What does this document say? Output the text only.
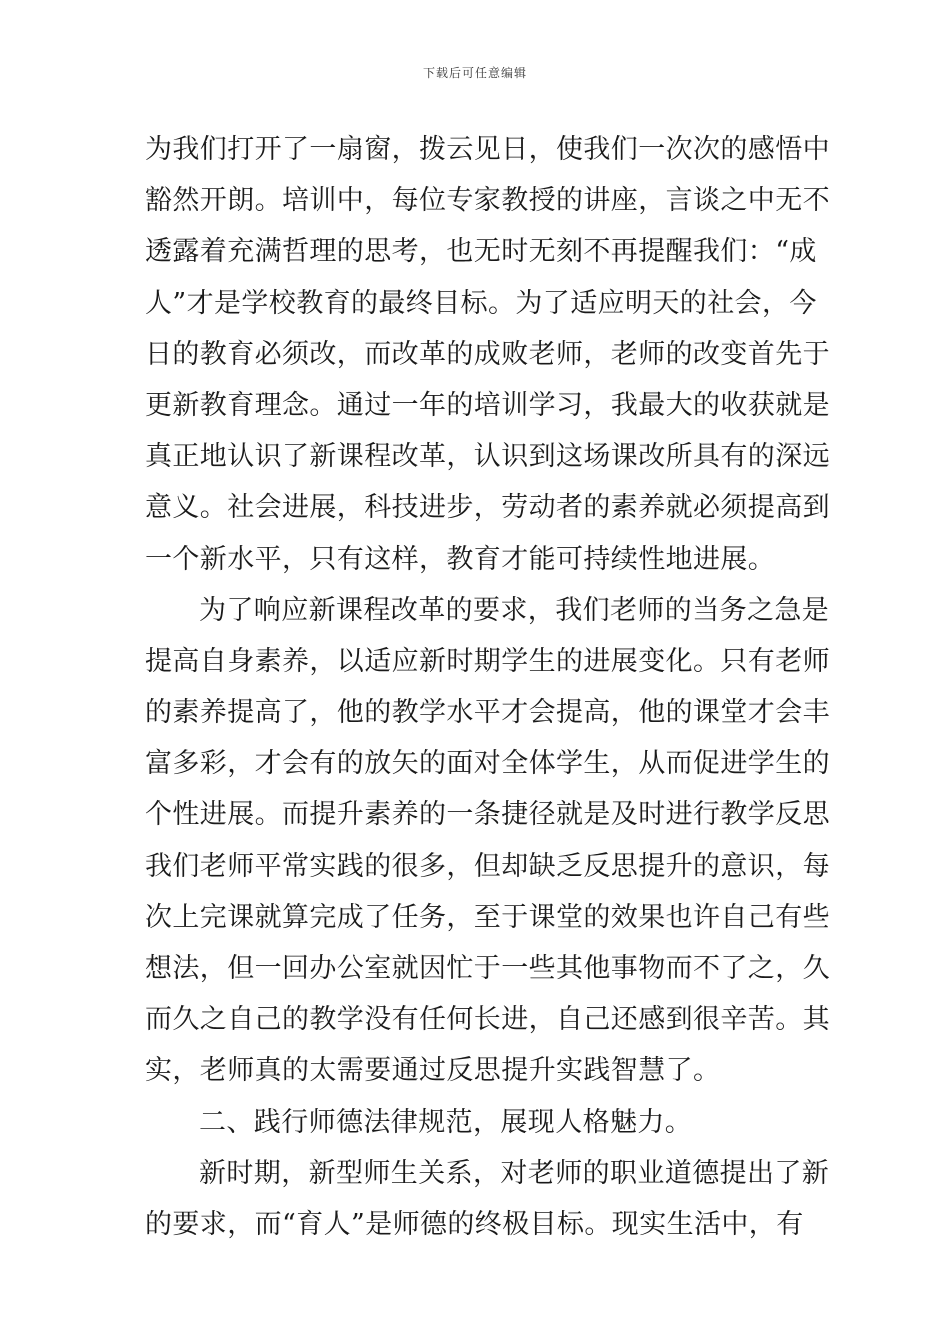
下载后可任意编辑
为我们打开了一扇窗，拨云见日，使我们一次次的感悟中
豁然开朗。培训中，每位专家教授的讲座，言谈之中无不
透露着充满哲理的思考，也无时无刻不再提醒我们：“成
人”才是学校教育的最终目标。为了适应明天的社会，今
日的教育必须改，而改革的成败老师，老师的改变首先于
更新教育理念。通过一年的培训学习，我最大的收获就是
真正地认识了新课程改革，认识到这场课改所具有的深远
意义。社会进展，科技进步，劳动者的素养就必须提高到
一个新水平，只有这样，教育才能可持续性地进展。
为了响应新课程改革的要求，我们老师的当务之急是
提高自身素养，以适应新时期学生的进展变化。只有老师
的素养提高了，他的教学水平才会提高，他的课堂才会丰
富多彩，才会有的放矢的面对全体学生，从而促进学生的
个性进展。而提升素养的一条捷径就是及时进行教学反思
我们老师平常实践的很多，但却缺乏反思提升的意识，每
次上完课就算完成了任务，至于课堂的效果也许自己有些
想法，但一回办公室就因忙于一些其他事物而不了之，久
而久之自己的教学没有任何长进，自己还感到很辛苦。其
实，老师真的太需要通过反思提升实践智慧了。
二、践行师德法律规范，展现人格魅力。
新时期，新型师生关系，对老师的职业道德提出了新
的要求，而“育人”是师德的终极目标。现实生活中，有
